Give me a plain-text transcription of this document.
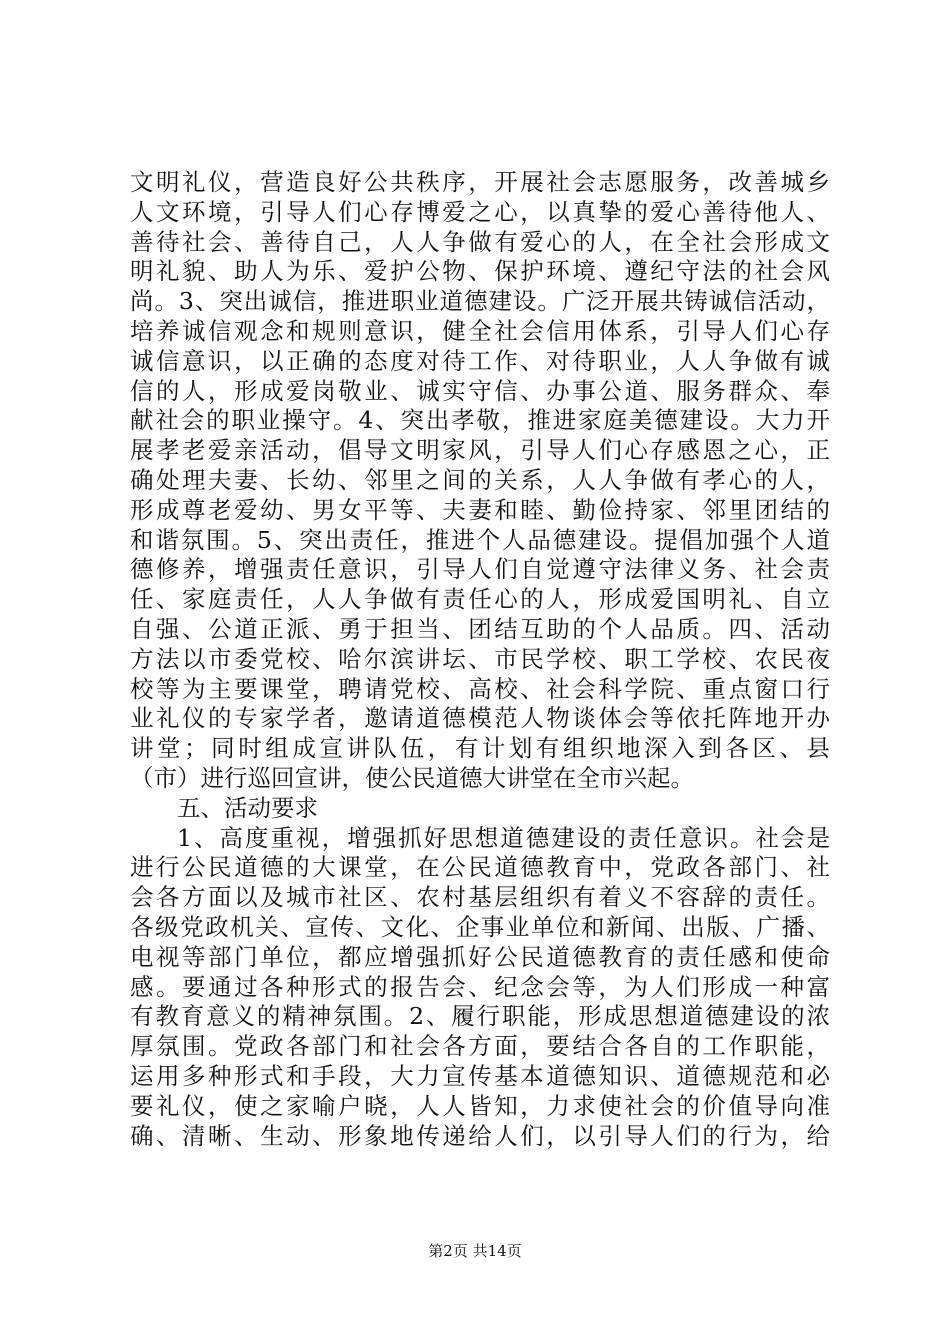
文明礼仪，营造良好公共秩序，开展社会志愿服务，改善城乡
人文环境，引导人们心存博爱之心，以真挚的爱心善待他人、
善待社会、善待自己，人人争做有爱心的人，在全社会形成文
明礼貌、助人为乐、爱护公物、保护环境、遵纪守法的社会风
尚。3、突出诚信，推进职业道德建设。广泛开展共铸诚信活动，
培养诚信观念和规则意识，健全社会信用体系，引导人们心存
诚信意识，以正确的态度对待工作、对待职业，人人争做有诚
信的人，形成爱岗敬业、诚实守信、办事公道、服务群众、奉
献社会的职业操守。4、突出孝敬，推进家庭美德建设。大力开
展孝老爱亲活动，倡导文明家风，引导人们心存感恩之心，正
确处理夫妻、长幼、邻里之间的关系，人人争做有孝心的人，
形成尊老爱幼、男女平等、夫妻和睦、勤俭持家、邻里团结的
和谐氛围。5、突出责任，推进个人品德建设。提倡加强个人道
德修养，增强责任意识，引导人们自觉遵守法律义务、社会责
任、家庭责任，人人争做有责任心的人，形成爱国明礼、自立
自强、公道正派、勇于担当、团结互助的个人品质。四、活动
方法以市委党校、哈尔滨讲坛、市民学校、职工学校、农民夜
校等为主要课堂，聘请党校、高校、社会科学院、重点窗口行
业礼仪的专家学者，邀请道德模范人物谈体会等依托阵地开办
讲堂；同时组成宣讲队伍，有计划有组织地深入到各区、县
（市）进行巡回宣讲，使公民道德大讲堂在全市兴起。
五、活动要求
1、高度重视，增强抓好思想道德建设的责任意识。社会是
进行公民道德的大课堂，在公民道德教育中，党政各部门、社
会各方面以及城市社区、农村基层组织有着义不容辞的责任。
各级党政机关、宣传、文化、企事业单位和新闻、出版、广播、
电视等部门单位，都应增强抓好公民道德教育的责任感和使命
感。要通过各种形式的报告会、纪念会等，为人们形成一种富
有教育意义的精神氛围。2、履行职能，形成思想道德建设的浓
厚氛围。党政各部门和社会各方面，要结合各自的工作职能，
运用多种形式和手段，大力宣传基本道德知识、道德规范和必
要礼仪，使之家喻户晓，人人皆知，力求使社会的价值导向准
确、清晰、生动、形象地传递给人们，以引导人们的行为，给
第2页 共14页
